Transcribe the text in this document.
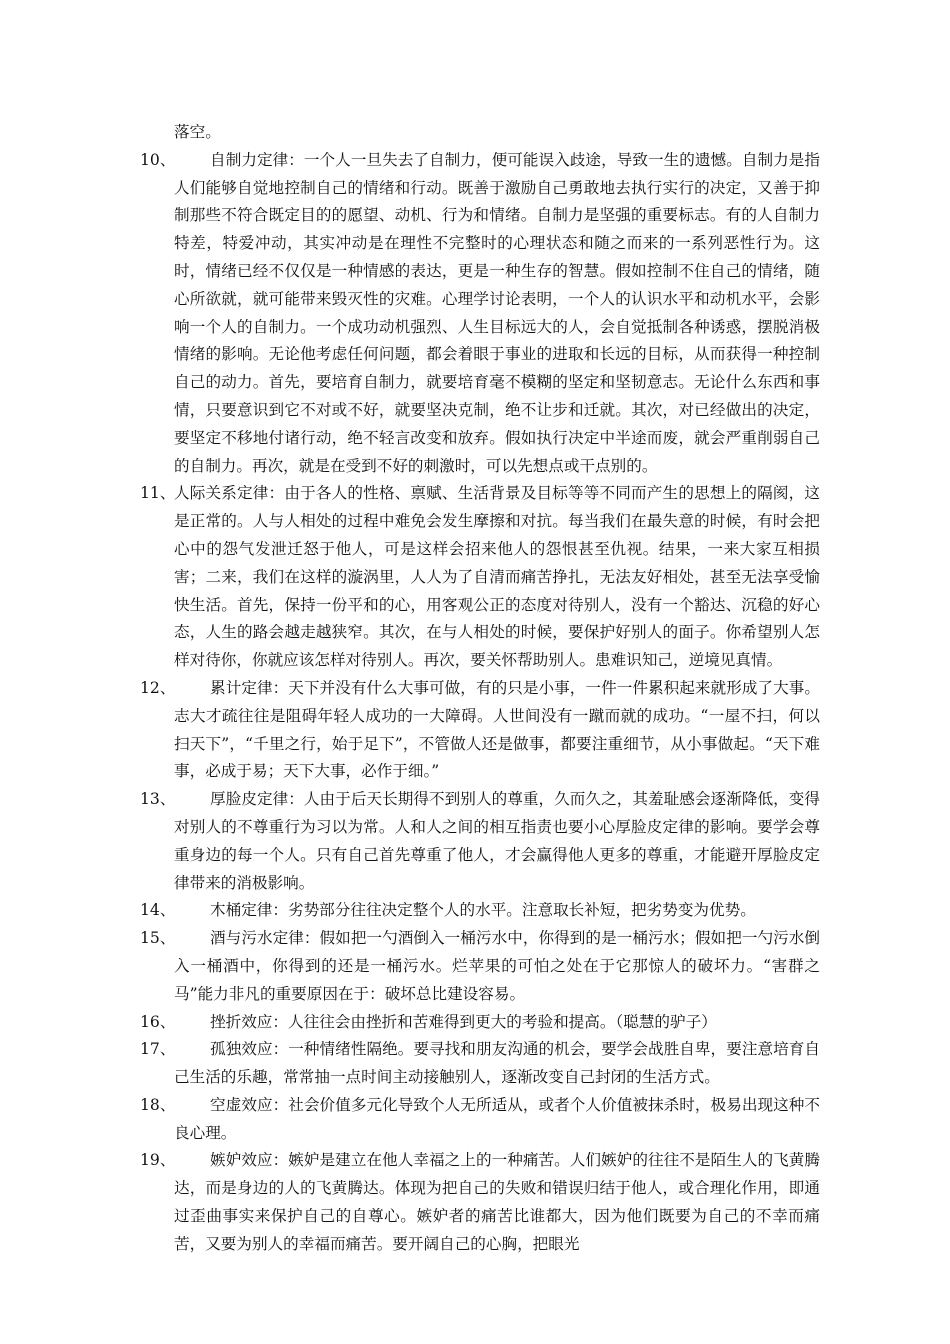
落空。
10、 自制力定律：一个人一旦失去了自制力，便可能误入歧途，导致一生的遗憾。自制力是指人们能够自觉地控制自己的情绪和行动。既善于激励自己勇敢地去执行实行的决定，又善于抑制那些不符合既定目的的愿望、动机、行为和情绪。自制力是坚强的重要标志。有的人自制力特差，特爱冲动，其实冲动是在理性不完整时的心理状态和随之而来的一系列恶性行为。这时，情绪已经不仅仅是一种情感的表达，更是一种生存的智慧。假如控制不住自己的情绪，随心所欲就，就可能带来毁灭性的灾难。心理学讨论表明，一个人的认识水平和动机水平，会影响一个人的自制力。一个成功动机强烈、人生目标远大的人，会自觉抵制各种诱惑，摆脱消极情绪的影响。无论他考虑任何问题，都会着眼于事业的进取和长远的目标，从而获得一种控制自己的动力。首先，要培育自制力，就要培育毫不模糊的坚定和坚韧意志。无论什么东西和事情，只要意识到它不对或不好，就要坚决克制，绝不让步和迁就。其次，对已经做出的决定，要坚定不移地付诸行动，绝不轻言改变和放弃。假如执行决定中半途而废，就会严重削弱自己的自制力。再次，就是在受到不好的刺激时，可以先想点或干点别的。
11、
人际关系定律：由于各人的性格、禀赋、生活背景及目标等等不同而产生的思想上的隔阂，这是正常的。人与人相处的过程中难免会发生摩擦和对抗。每当我们在最失意的时候，有时会把心中的怨气发泄迁怒于他人，可是这样会招来他人的怨恨甚至仇视。结果，一来大家互相损害；二来，我们在这样的漩涡里，人人为了自清而痛苦挣扎，无法友好相处，甚至无法享受愉快生活。首先，保持一份平和的心，用客观公正的态度对待别人，没有一个豁达、沉稳的好心态，人生的路会越走越狭窄。其次，在与人相处的时候，要保护好别人的面子。你希望别人怎样对待你，你就应该怎样对待别人。再次，要关怀帮助别人。患难识知己，逆境见真情。
12、 累计定律：天下并没有什么大事可做，有的只是小事，一件一件累积起来就形成了大事。志大才疏往往是阻碍年轻人成功的一大障碍。人世间没有一蹴而就的成功。“一屋不扫，何以扫天下”，“千里之行，始于足下”，不管做人还是做事，都要注重细节，从小事做起。“天下难事，必成于易；天下大事，必作于细。”
13、 厚脸皮定律：人由于后天长期得不到别人的尊重，久而久之，其羞耻感会逐渐降低，变得对别人的不尊重行为习以为常。人和人之间的相互指责也要小心厚脸皮定律的影响。要学会尊重身边的每一个人。只有自己首先尊重了他人，才会赢得他人更多的尊重，才能避开厚脸皮定律带来的消极影响。
14、 木桶定律：劣势部分往往决定整个人的水平。注意取长补短，把劣势变为优势。
15、 酒与污水定律：假如把一勺酒倒入一桶污水中，你得到的是一桶污水；假如把一勺污水倒入一桶酒中，你得到的还是一桶污水。烂苹果的可怕之处在于它那惊人的破坏力。“害群之马”能力非凡的重要原因在于：破坏总比建设容易。
16、 挫折效应：人往往会由挫折和苦难得到更大的考验和提高。（聪慧的驴子）
17、 孤独效应：一种情绪性隔绝。要寻找和朋友沟通的机会，要学会战胜自卑，要注意培育自己生活的乐趣，常常抽一点时间主动接触别人，逐渐改变自己封闭的生活方式。
18、 空虚效应：社会价值多元化导致个人无所适从，或者个人价值被抹杀时，极易出现这种不良心理。
19、 嫉妒效应：嫉妒是建立在他人幸福之上的一种痛苦。人们嫉妒的往往不是陌生人的飞黄腾达，而是身边的人的飞黄腾达。体现为把自己的失败和错误归结于他人，或合理化作用，即通过歪曲事实来保护自己的自尊心。嫉妒者的痛苦比谁都大，因为他们既要为自己的不幸而痛苦，又要为别人的幸福而痛苦。要开阔自己的心胸，把眼光
